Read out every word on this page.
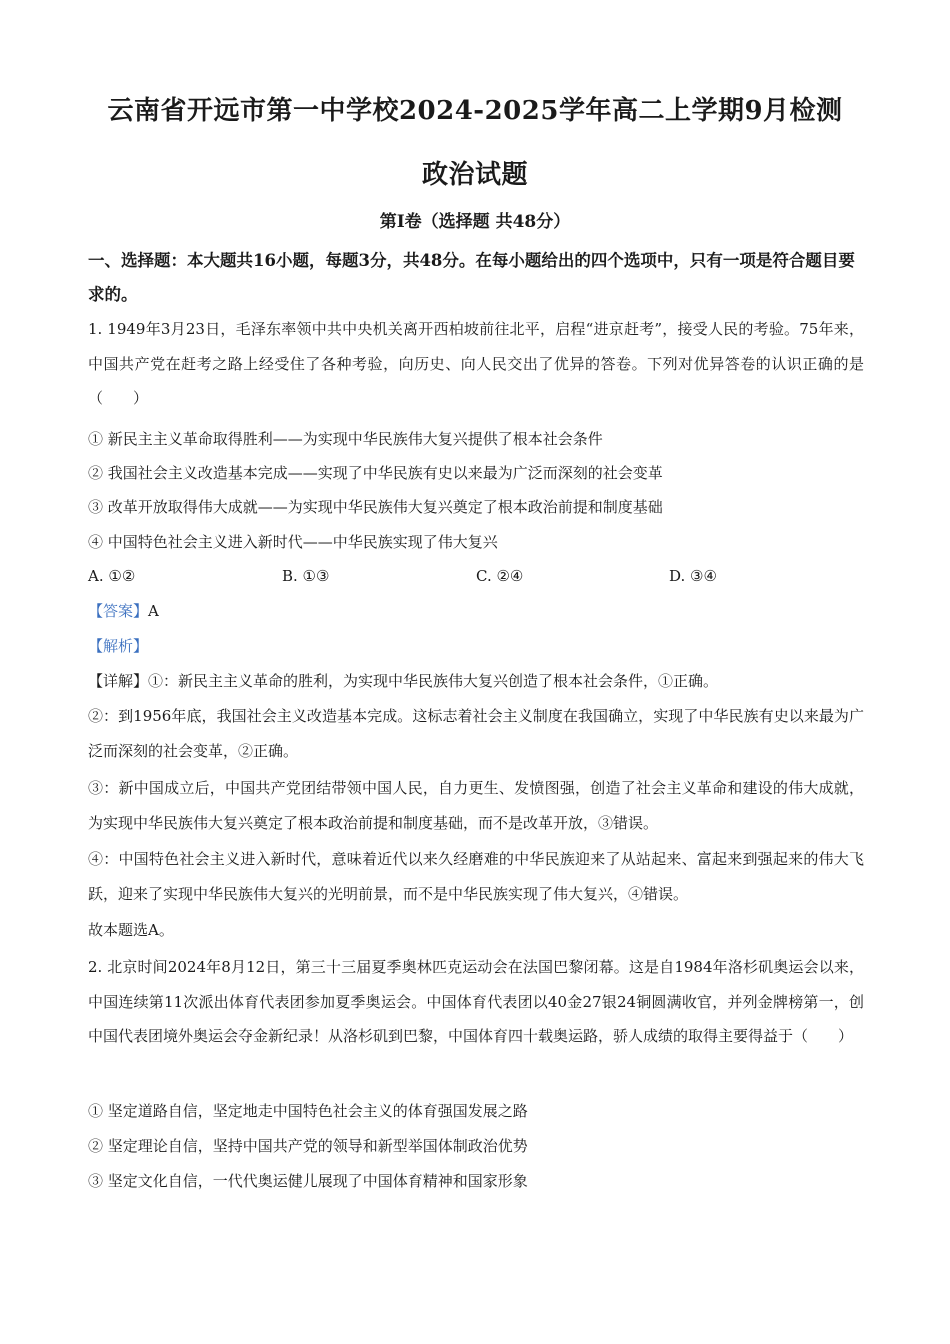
云南省开远市第一中学校2024-2025学年高二上学期9月检测
政治试题
第Ⅰ卷（选择题 共48分）
一、选择题：本大题共16小题，每题3分，共48分。在每小题给出的四个选项中，只有一项是符合题目要求的。
1. 1949年3月23日，毛泽东率领中共中央机关离开西柏坡前往北平，启程“进京赶考”，接受人民的考验。75年来，中国共产党在赶考之路上经受住了各种考验，向历史、向人民交出了优异的答卷。下列对优异答卷的认识正确的是（　　）
① 新民主主义革命取得胜利——为实现中华民族伟大复兴提供了根本社会条件
② 我国社会主义改造基本完成——实现了中华民族有史以来最为广泛而深刻的社会变革
③ 改革开放取得伟大成就——为实现中华民族伟大复兴奠定了根本政治前提和制度基础
④ 中国特色社会主义进入新时代——中华民族实现了伟大复兴
A. ①②	B. ①③	C. ②④	D. ③④
【答案】A
【解析】
【详解】①：新民主主义革命的胜利，为实现中华民族伟大复兴创造了根本社会条件，①正确。
②：到1956年底，我国社会主义改造基本完成。这标志着社会主义制度在我国确立，实现了中华民族有史以来最为广泛而深刻的社会变革，②正确。
③：新中国成立后，中国共产党团结带领中国人民，自力更生、发愤图强，创造了社会主义革命和建设的伟大成就，为实现中华民族伟大复兴奠定了根本政治前提和制度基础，而不是改革开放，③错误。
④：中国特色社会主义进入新时代，意味着近代以来久经磨难的中华民族迎来了从站起来、富起来到强起来的伟大飞跃，迎来了实现中华民族伟大复兴的光明前景，而不是中华民族实现了伟大复兴，④错误。
故本题选A。
2. 北京时间2024年8月12日，第三十三届夏季奥林匹克运动会在法国巴黎闭幕。这是自1984年洛杉矶奥运会以来，中国连续第11次派出体育代表团参加夏季奥运会。中国体育代表团以40金27银24铜圆满收官，并列金牌榜第一，创中国代表团境外奥运会夺金新纪录！从洛杉矶到巴黎，中国体育四十载奥运路，骄人成绩的取得主要得益于（　　）
① 坚定道路自信，坚定地走中国特色社会主义的体育强国发展之路
② 坚定理论自信，坚持中国共产党的领导和新型举国体制政治优势
③ 坚定文化自信，一代代奥运健儿展现了中国体育精神和国家形象
